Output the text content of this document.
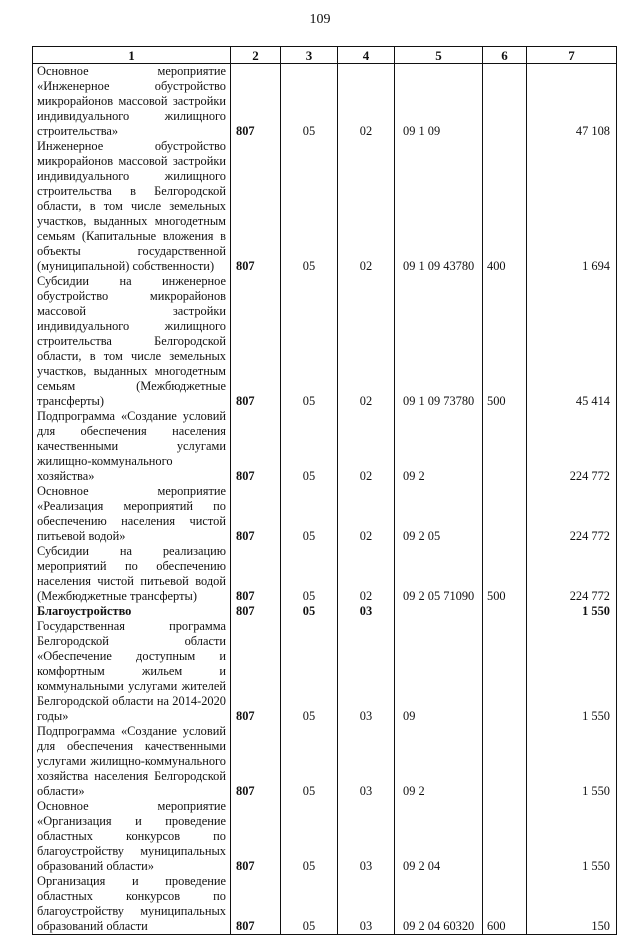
109
1	2	3	4	5	6	7
Основное мероприятие «Инженерное обустройство микрорайонов массовой застройки индивидуального жилищного строительства»	807	05	02	09 1 09		47 108
Инженерное обустройство микрорайонов массовой застройки индивидуального жилищного строительства в Белгородской области, в том числе земельных участков, выданных многодетным семьям (Капитальные вложения в объекты государственной (муниципальной) собственности)	807	05	02	09 1 09 43780	400	1 694
Субсидии на инженерное обустройство микрорайонов массовой застройки индивидуального жилищного строительства Белгородской области, в том числе земельных участков, выданных многодетным семьям (Межбюджетные трансферты)	807	05	02	09 1 09 73780	500	45 414
Подпрограмма «Создание условий для обеспечения населения качественными услугами жилищно-коммунального хозяйства»	807	05	02	09 2		224 772
Основное мероприятие «Реализация мероприятий по обеспечению населения чистой питьевой водой»	807	05	02	09 2 05		224 772
Субсидии на реализацию мероприятий по обеспечению населения чистой питьевой водой (Межбюджетные трансферты)	807	05	02	09 2 05 71090	500	224 772
Благоустройство	807	05	03			1 550
Государственная программа Белгородской области «Обеспечение доступным и комфортным жильем и коммунальными услугами жителей Белгородской области на 2014-2020 годы»	807	05	03	09		1 550
Подпрограмма «Создание условий для обеспечения качественными услугами жилищно-коммунального хозяйства населения Белгородской области»	807	05	03	09 2		1 550
Основное мероприятие «Организация и проведение областных конкурсов по благоустройству муниципальных образований области»	807	05	03	09 2 04		1 550
Организация и проведение областных конкурсов по благоустройству муниципальных образований области	807	05	03	09 2 04 60320	600	150
